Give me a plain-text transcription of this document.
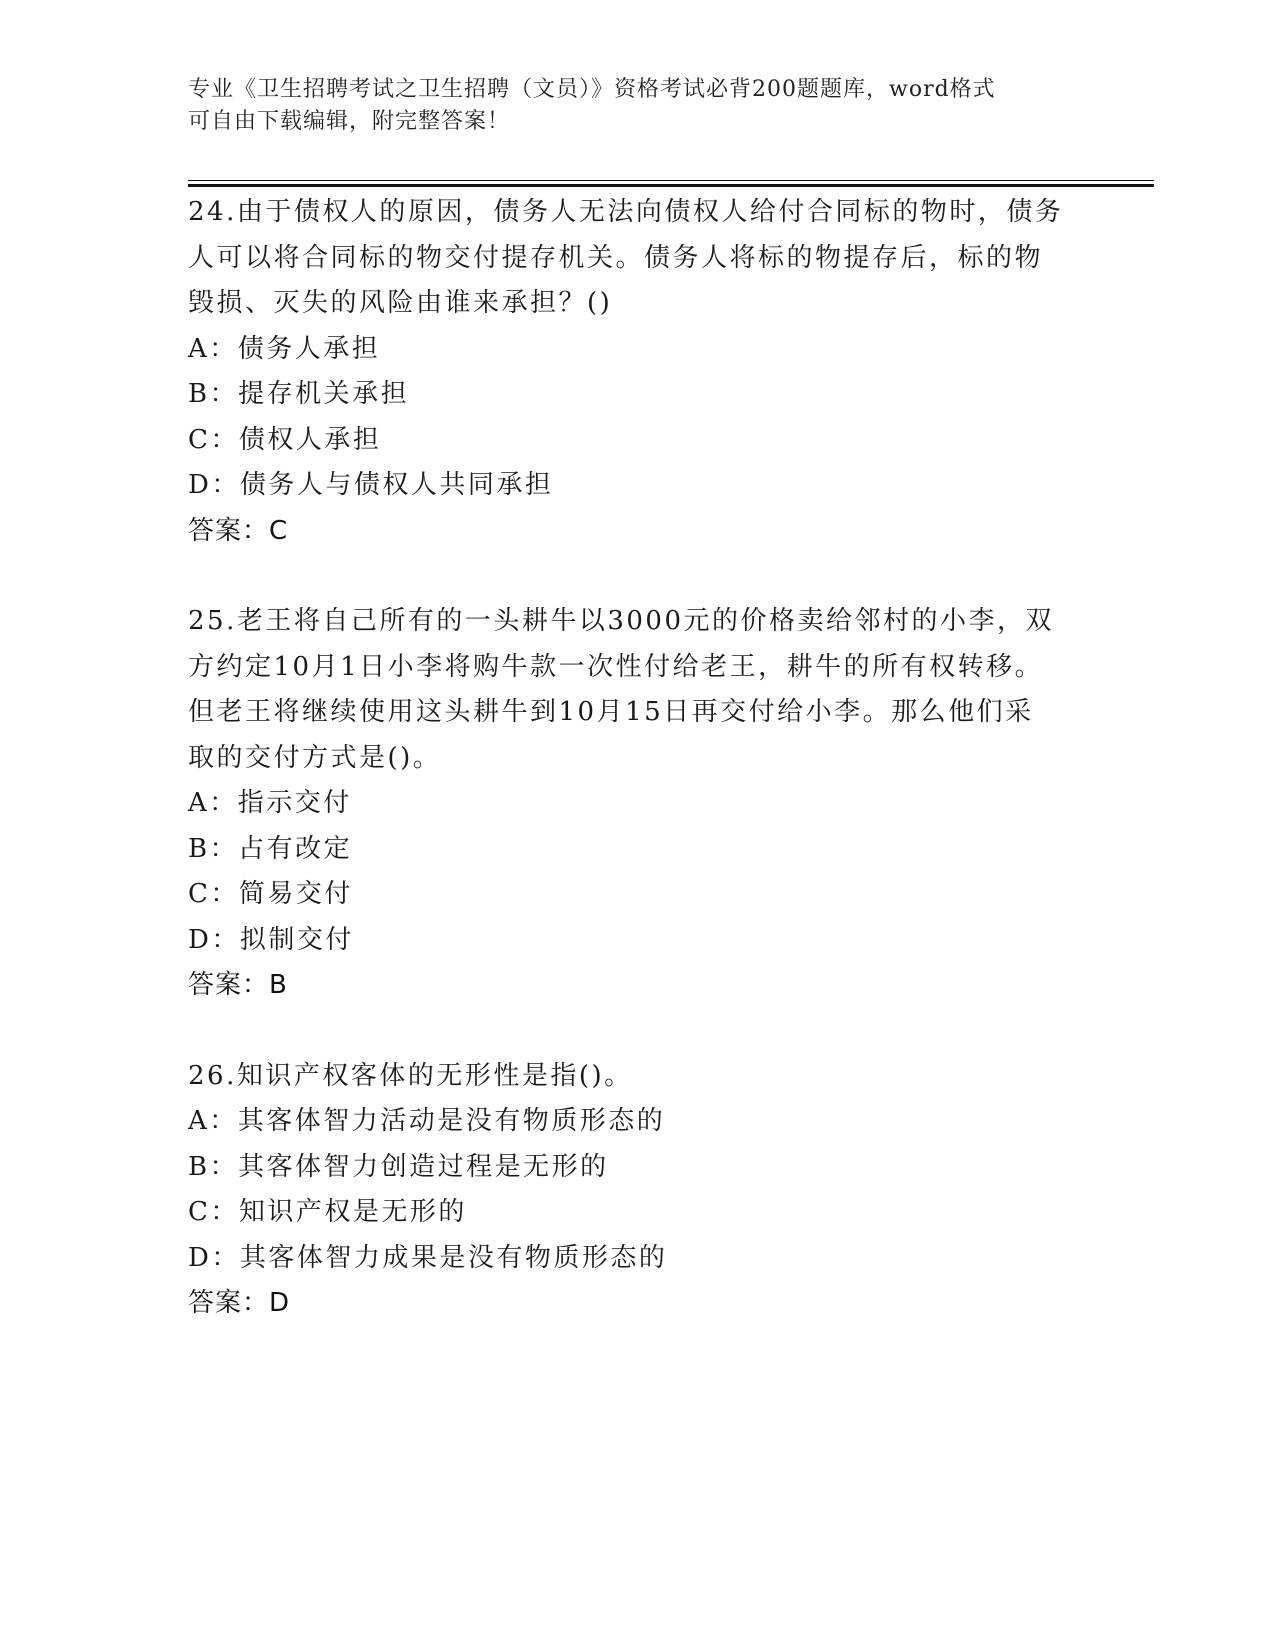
专业《卫生招聘考试之卫生招聘（文员）》资格考试必背200题题库，word格式
可自由下载编辑，附完整答案！
24.由于债权人的原因，债务人无法向债权人给付合同标的物时，债务
人可以将合同标的物交付提存机关。债务人将标的物提存后，标的物
毁损、灭失的风险由谁来承担？()
A：债务人承担
B：提存机关承担
C：债权人承担
D：债务人与债权人共同承担
答案：C
25.老王将自己所有的一头耕牛以3000元的价格卖给邻村的小李，双
方约定10月1日小李将购牛款一次性付给老王，耕牛的所有权转移。
但老王将继续使用这头耕牛到10月15日再交付给小李。那么他们采
取的交付方式是()。
A：指示交付
B：占有改定
C：简易交付
D：拟制交付
答案：B
26.知识产权客体的无形性是指()。
A：其客体智力活动是没有物质形态的
B：其客体智力创造过程是无形的
C：知识产权是无形的
D：其客体智力成果是没有物质形态的
答案：D
